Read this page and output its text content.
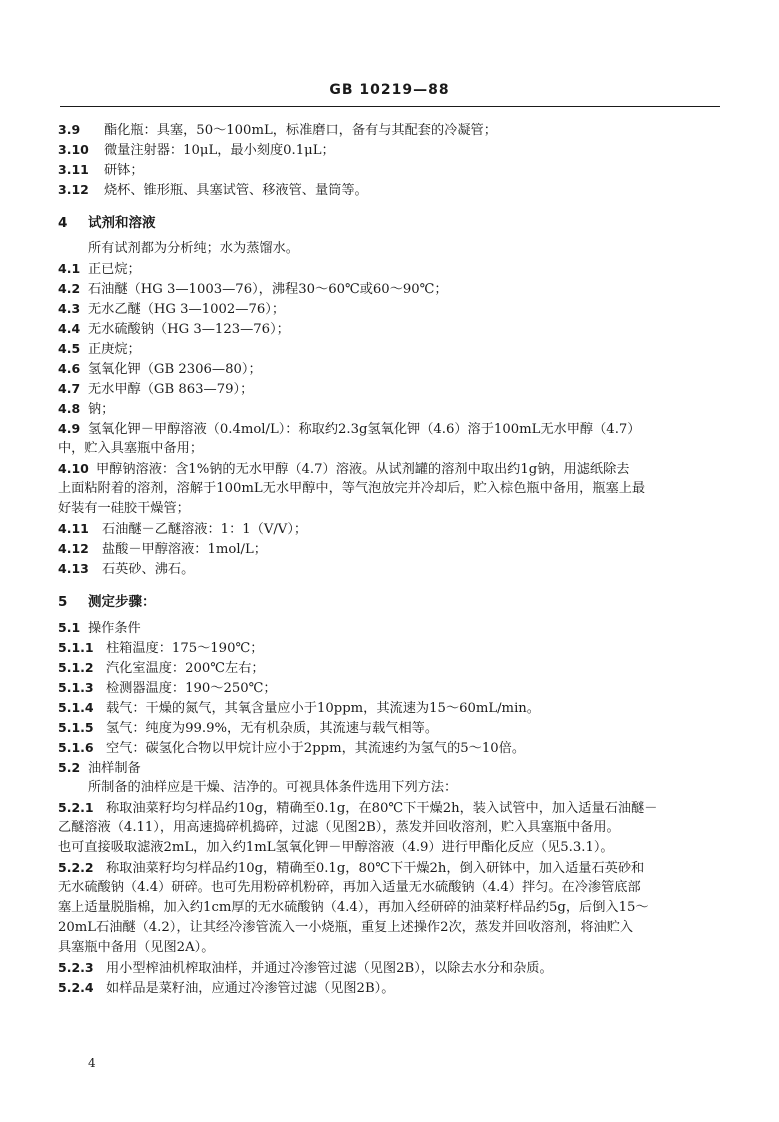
GB 10219—88
3.9 酯化瓶：具塞，50～100mL，标准磨口，备有与其配套的冷凝管；
3.10 微量注射器：10μL，最小刻度0.1μL；
3.11 研钵；
3.12 烧杯、锥形瓶、具塞试管、移液管、量筒等。
4 试剂和溶液
所有试剂都为分析纯；水为蒸馏水。
4.1 正已烷；
4.2 石油醚（HG 3—1003—76），沸程30～60℃或60～90℃；
4.3 无水乙醚（HG 3—1002—76）；
4.4 无水硫酸钠（HG 3—123—76）；
4.5 正庚烷；
4.6 氢氧化钾（GB 2306—80）；
4.7 无水甲醇（GB 863—79）；
4.8 钠；
4.9 氢氧化钾－甲醇溶液（0.4mol/L）：称取约2.3g氢氧化钾（4.6）溶于100mL无水甲醇（4.7）
中，贮入具塞瓶中备用；
4.10 甲醇钠溶液：含1%钠的无水甲醇（4.7）溶液。从试剂罐的溶剂中取出约1g钠，用滤纸除去
上面粘附着的溶剂，溶解于100mL无水甲醇中，等气泡放完并冷却后，贮入棕色瓶中备用，瓶塞上最
好装有一硅胶干燥管；
4.11 石油醚－乙醚溶液：1：1（V/V）；
4.12 盐酸－甲醇溶液：1mol/L；
4.13 石英砂、沸石。
5 测定步骤：
5.1 操作条件
5.1.1 柱箱温度：175～190℃；
5.1.2 汽化室温度：200℃左右；
5.1.3 检测器温度：190～250℃；
5.1.4 载气：干燥的氮气，其氧含量应小于10ppm，其流速为15～60mL/min。
5.1.5 氢气：纯度为99.9%，无有机杂质，其流速与载气相等。
5.1.6 空气：碳氢化合物以甲烷计应小于2ppm，其流速约为氢气的5～10倍。
5.2 油样制备
所制备的油样应是干燥、洁净的。可视具体条件选用下列方法：
5.2.1 称取油菜籽均匀样品约10g，精确至0.1g，在80℃下干燥2h，装入试管中，加入适量石油醚－
乙醚溶液（4.11），用高速捣碎机捣碎，过滤（见图2B），蒸发并回收溶剂，贮入具塞瓶中备用。
也可直接吸取滤液2mL，加入约1mL氢氧化钾－甲醇溶液（4.9）进行甲酯化反应（见5.3.1）。
5.2.2 称取油菜籽均匀样品约10g，精确至0.1g，80℃下干燥2h，倒入研钵中，加入适量石英砂和
无水硫酸钠（4.4）研碎。也可先用粉碎机粉碎，再加入适量无水硫酸钠（4.4）拌匀。在冷渗管底部
塞上适量脱脂棉，加入约1cm厚的无水硫酸钠（4.4），再加入经研碎的油菜籽样品约5g，后倒入15～
20mL石油醚（4.2），让其经冷渗管流入一小烧瓶，重复上述操作2次，蒸发并回收溶剂，将油贮入
具塞瓶中备用（见图2A）。
5.2.3 用小型榨油机榨取油样，并通过冷渗管过滤（见图2B），以除去水分和杂质。
5.2.4 如样品是菜籽油，应通过冷渗管过滤（见图2B）。
4
